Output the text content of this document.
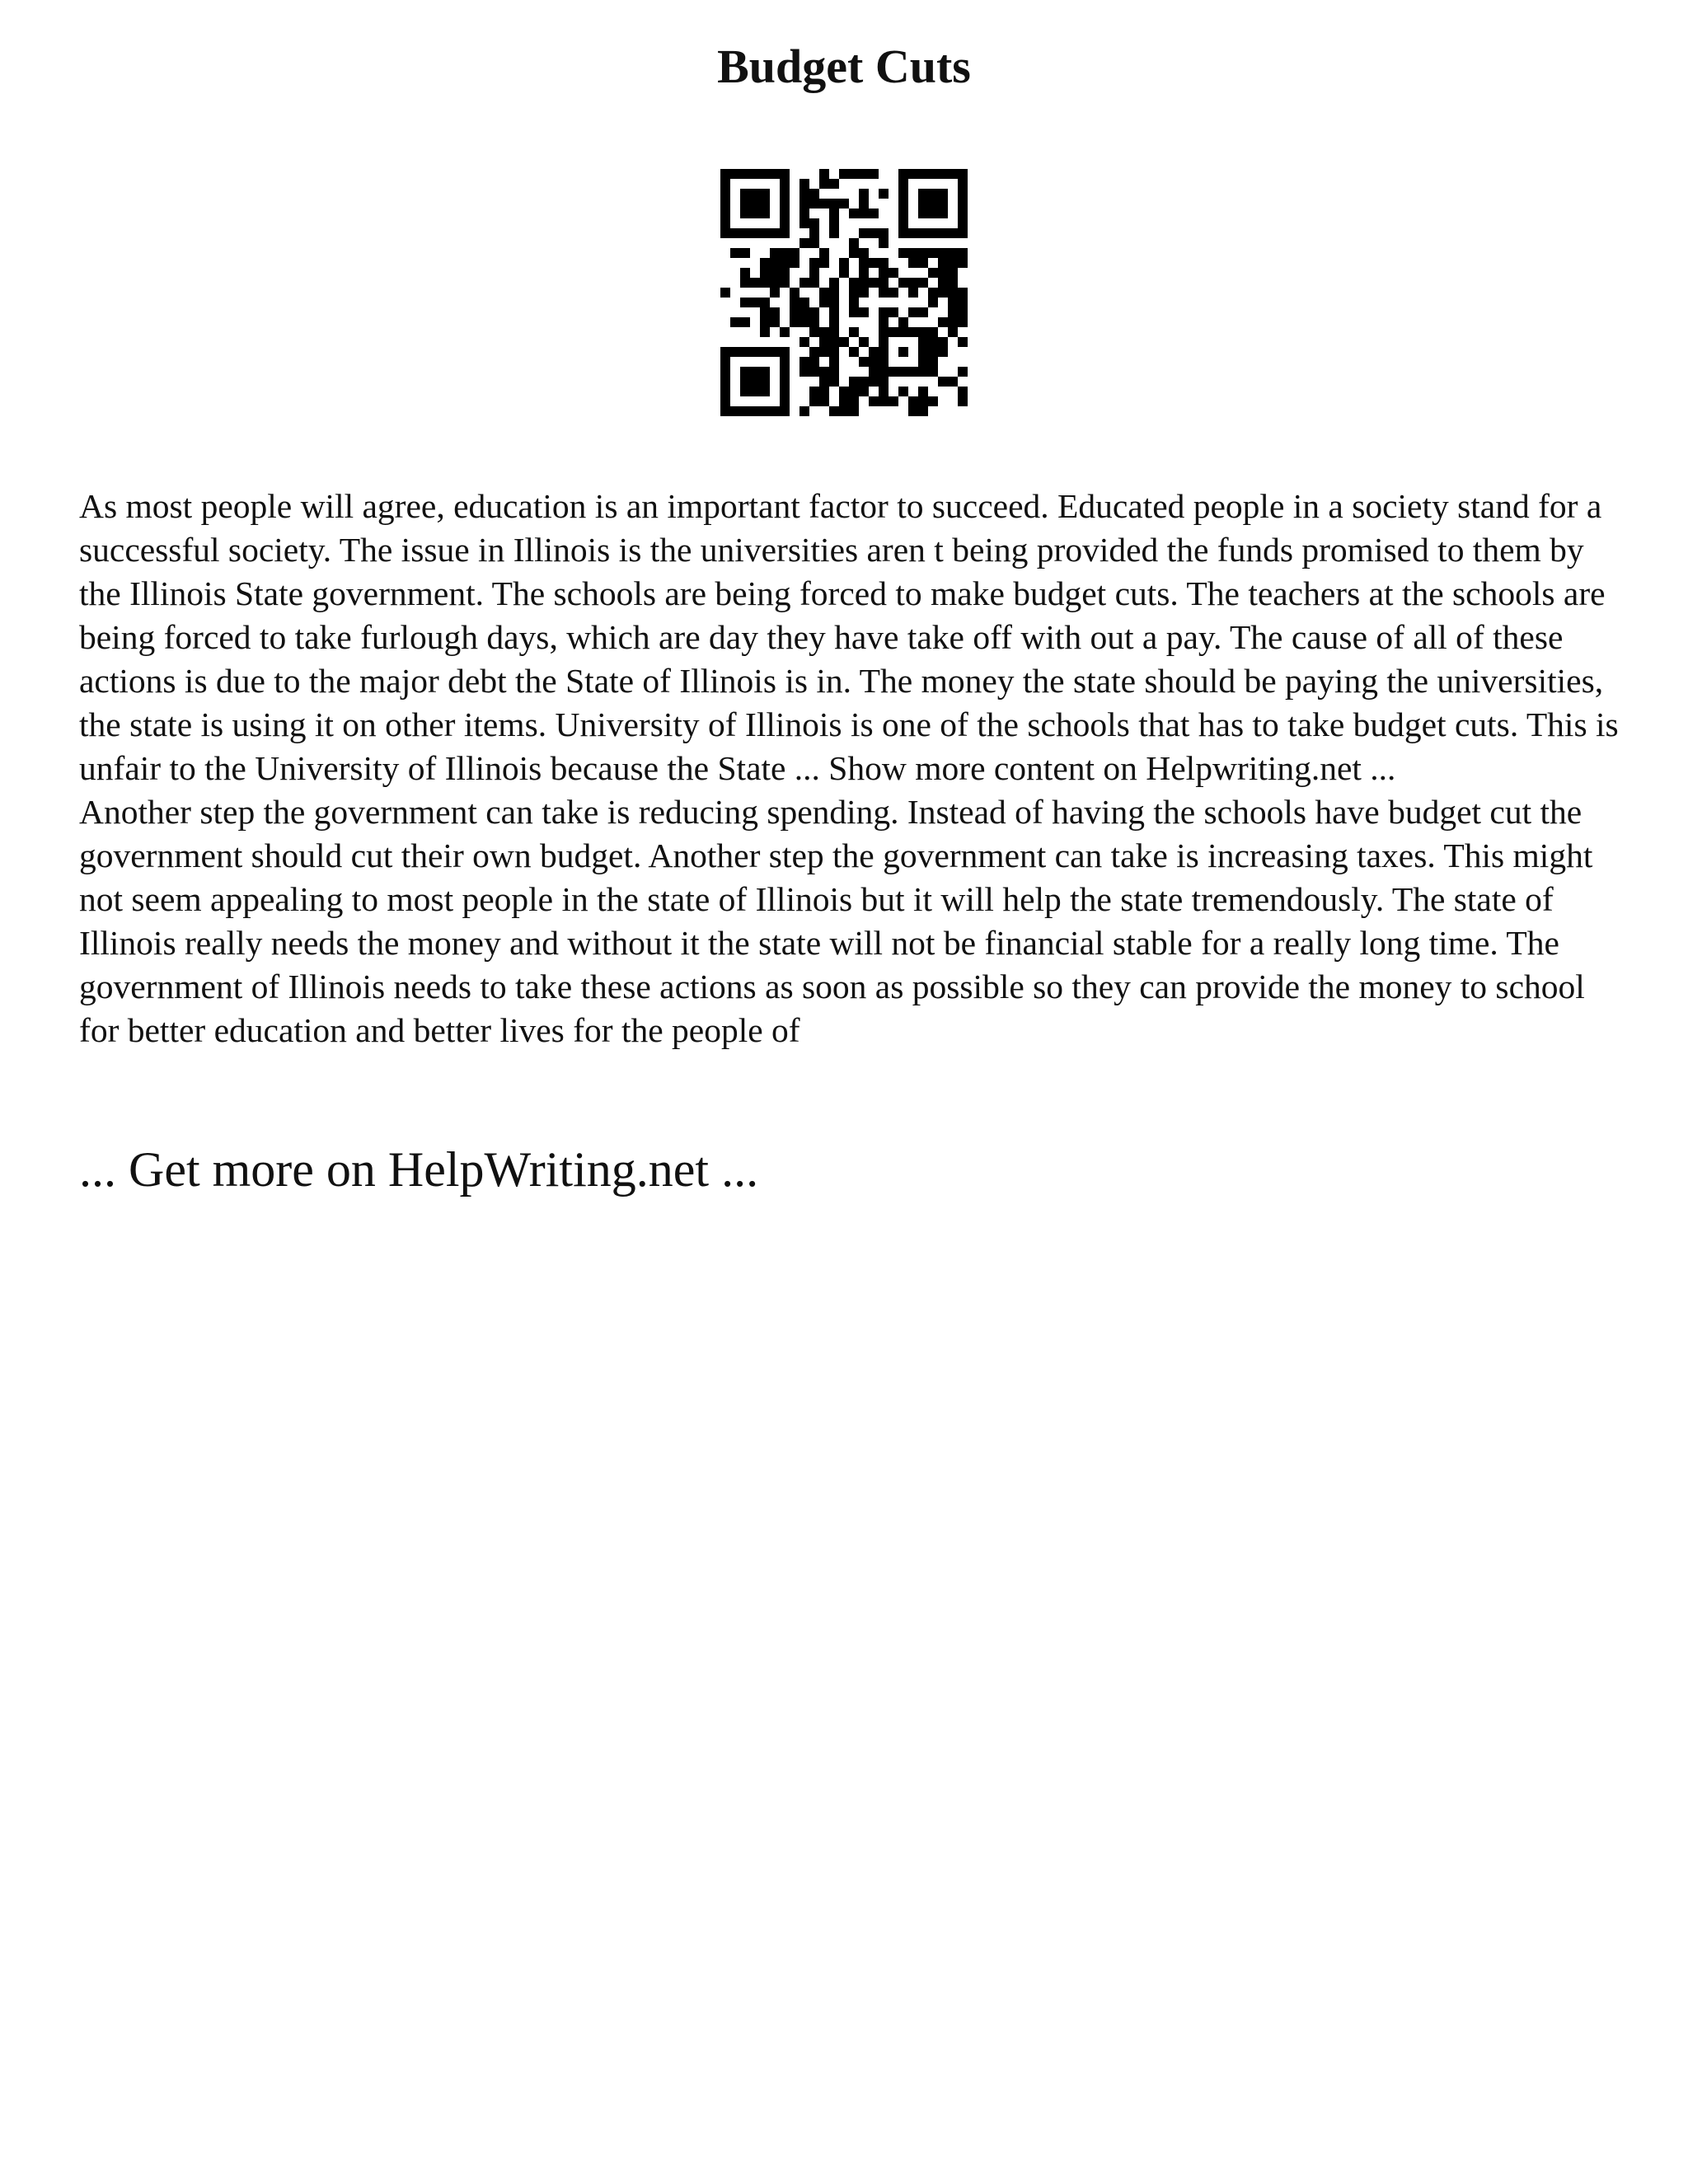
Budget Cuts

As most people will agree, education is an important factor to succeed. Educated people in a society stand for a successful society. The issue in Illinois is the universities aren t being provided the funds promised to them by the Illinois State government. The schools are being forced to make budget cuts. The teachers at the schools are being forced to take furlough days, which are day they have take off with out a pay. The cause of all of these actions is due to the major debt the State of Illinois is in. The money the state should be paying the universities, the state is using it on other items. University of Illinois is one of the schools that has to take budget cuts. This is unfair to the University of Illinois because the State ... Show more content on Helpwriting.net ...

Another step the government can take is reducing spending. Instead of having the schools have budget cut the government should cut their own budget. Another step the government can take is increasing taxes. This might not seem appealing to most people in the state of Illinois but it will help the state tremendously. The state of Illinois really needs the money and without it the state will not be financial stable for a really long time. The government of Illinois needs to take these actions as soon as possible so they can provide the money to school for better education and better lives for the people of

... Get more on HelpWriting.net ...
